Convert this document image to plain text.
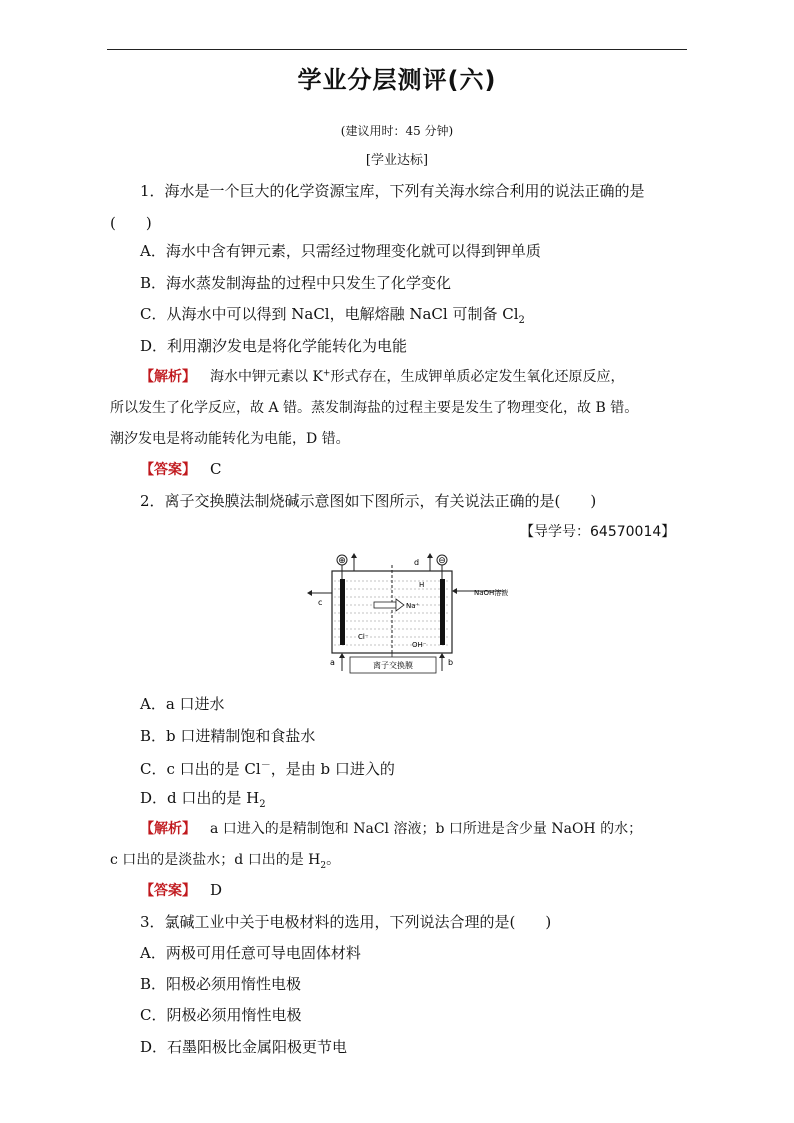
学业分层测评(六)
(建议用时：45 分钟)
[学业达标]
1．海水是一个巨大的化学资源宝库，下列有关海水综合利用的说法正确的是
(　　)
A．海水中含有钾元素，只需经过物理变化就可以得到钾单质
B．海水蒸发制海盐的过程中只发生了化学变化
C．从海水中可以得到 NaCl，电解熔融 NaCl 可制备 $Cl_2$
D．利用潮汐发电是将化学能转化为电能
【解析】 海水中钾元素以 K+形式存在，生成钾单质必定发生氧化还原反应，
所以发生了化学反应，故 A 错。蒸发制海盐的过程主要是发生了物理变化，故 B 错。
潮汐发电是将动能转化为电能，D 错。
【答案】 C
2．离子交换膜法制烧碱示意图如下图所示，有关说法正确的是(　　)
【导学号：64570014】
⊕	⊖
d
c
NaOH溶液
H
Na⁺
Cl⁻
OH⁻
a	b
离子交换膜
A．a 口进水
B．b 口进精制饱和食盐水
C．c 口出的是 Cl－，是由 b 口进入的
D．d 口出的是 $H_2$
【解析】 a 口进入的是精制饱和 NaCl 溶液；b 口所进是含少量 NaOH 的水；
c 口出的是淡盐水；d 口出的是 $H_2$。
【答案】 D
3．氯碱工业中关于电极材料的选用，下列说法合理的是(　　)
A．两极可用任意可导电固体材料
B．阳极必须用惰性电极
C．阴极必须用惰性电极
D．石墨阳极比金属阳极更节电
